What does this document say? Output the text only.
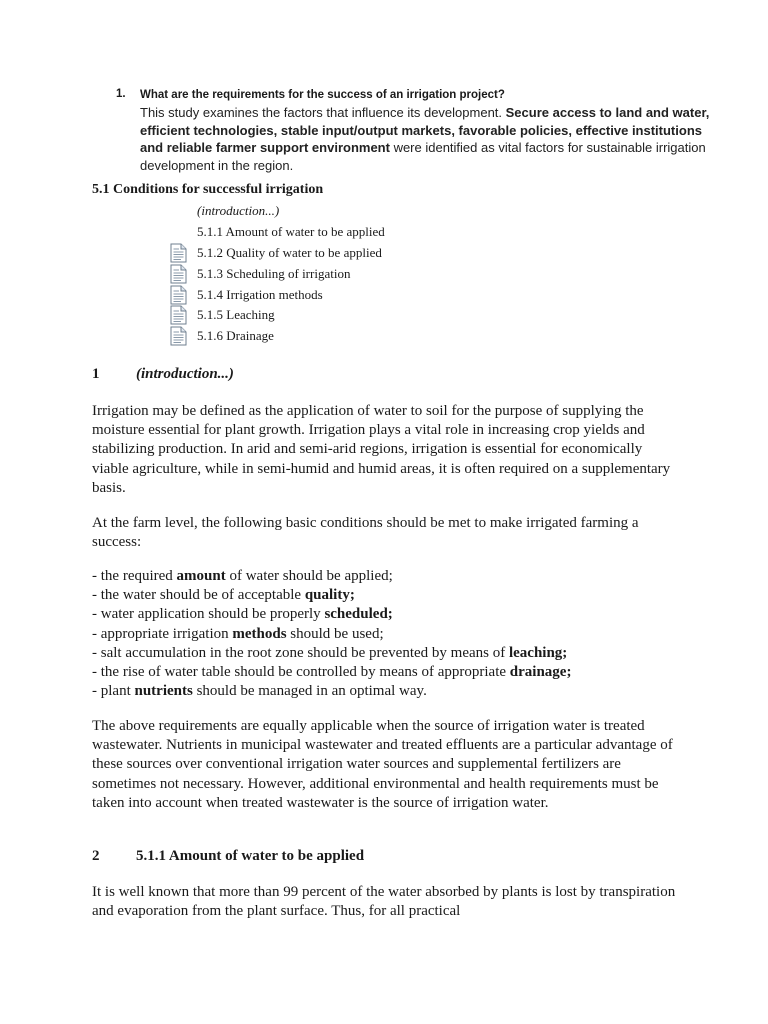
1. What are the requirements for the success of an irrigation project?
This study examines the factors that influence its development. Secure access to land and water, efficient technologies, stable input/output markets, favorable policies, effective institutions and reliable farmer support environment were identified as vital factors for sustainable irrigation development in the region.
5.1 Conditions for successful irrigation
(introduction...)
5.1.1 Amount of water to be applied
5.1.2 Quality of water to be applied
5.1.3 Scheduling of irrigation
5.1.4 Irrigation methods
5.1.5 Leaching
5.1.6 Drainage
1 (introduction...)

Irrigation may be defined as the application of water to soil for the purpose of supplying the moisture essential for plant growth. Irrigation plays a vital role in increasing crop yields and stabilizing production. In arid and semi-arid regions, irrigation is essential for economically viable agriculture, while in semi-humid and humid areas, it is often required on a supplementary basis.

At the farm level, the following basic conditions should be met to make irrigated farming a success:

- the required amount of water should be applied;
- the water should be of acceptable quality;
- water application should be properly scheduled;
- appropriate irrigation methods should be used;
- salt accumulation in the root zone should be prevented by means of leaching;
- the rise of water table should be controlled by means of appropriate drainage;
- plant nutrients should be managed in an optimal way.

The above requirements are equally applicable when the source of irrigation water is treated wastewater. Nutrients in municipal wastewater and treated effluents are a particular advantage of these sources over conventional irrigation water sources and supplemental fertilizers are sometimes not necessary. However, additional environmental and health requirements must be taken into account when treated wastewater is the source of irrigation water.

2 5.1.1 Amount of water to be applied

It is well known that more than 99 percent of the water absorbed by plants is lost by transpiration and evaporation from the plant surface. Thus, for all practical
